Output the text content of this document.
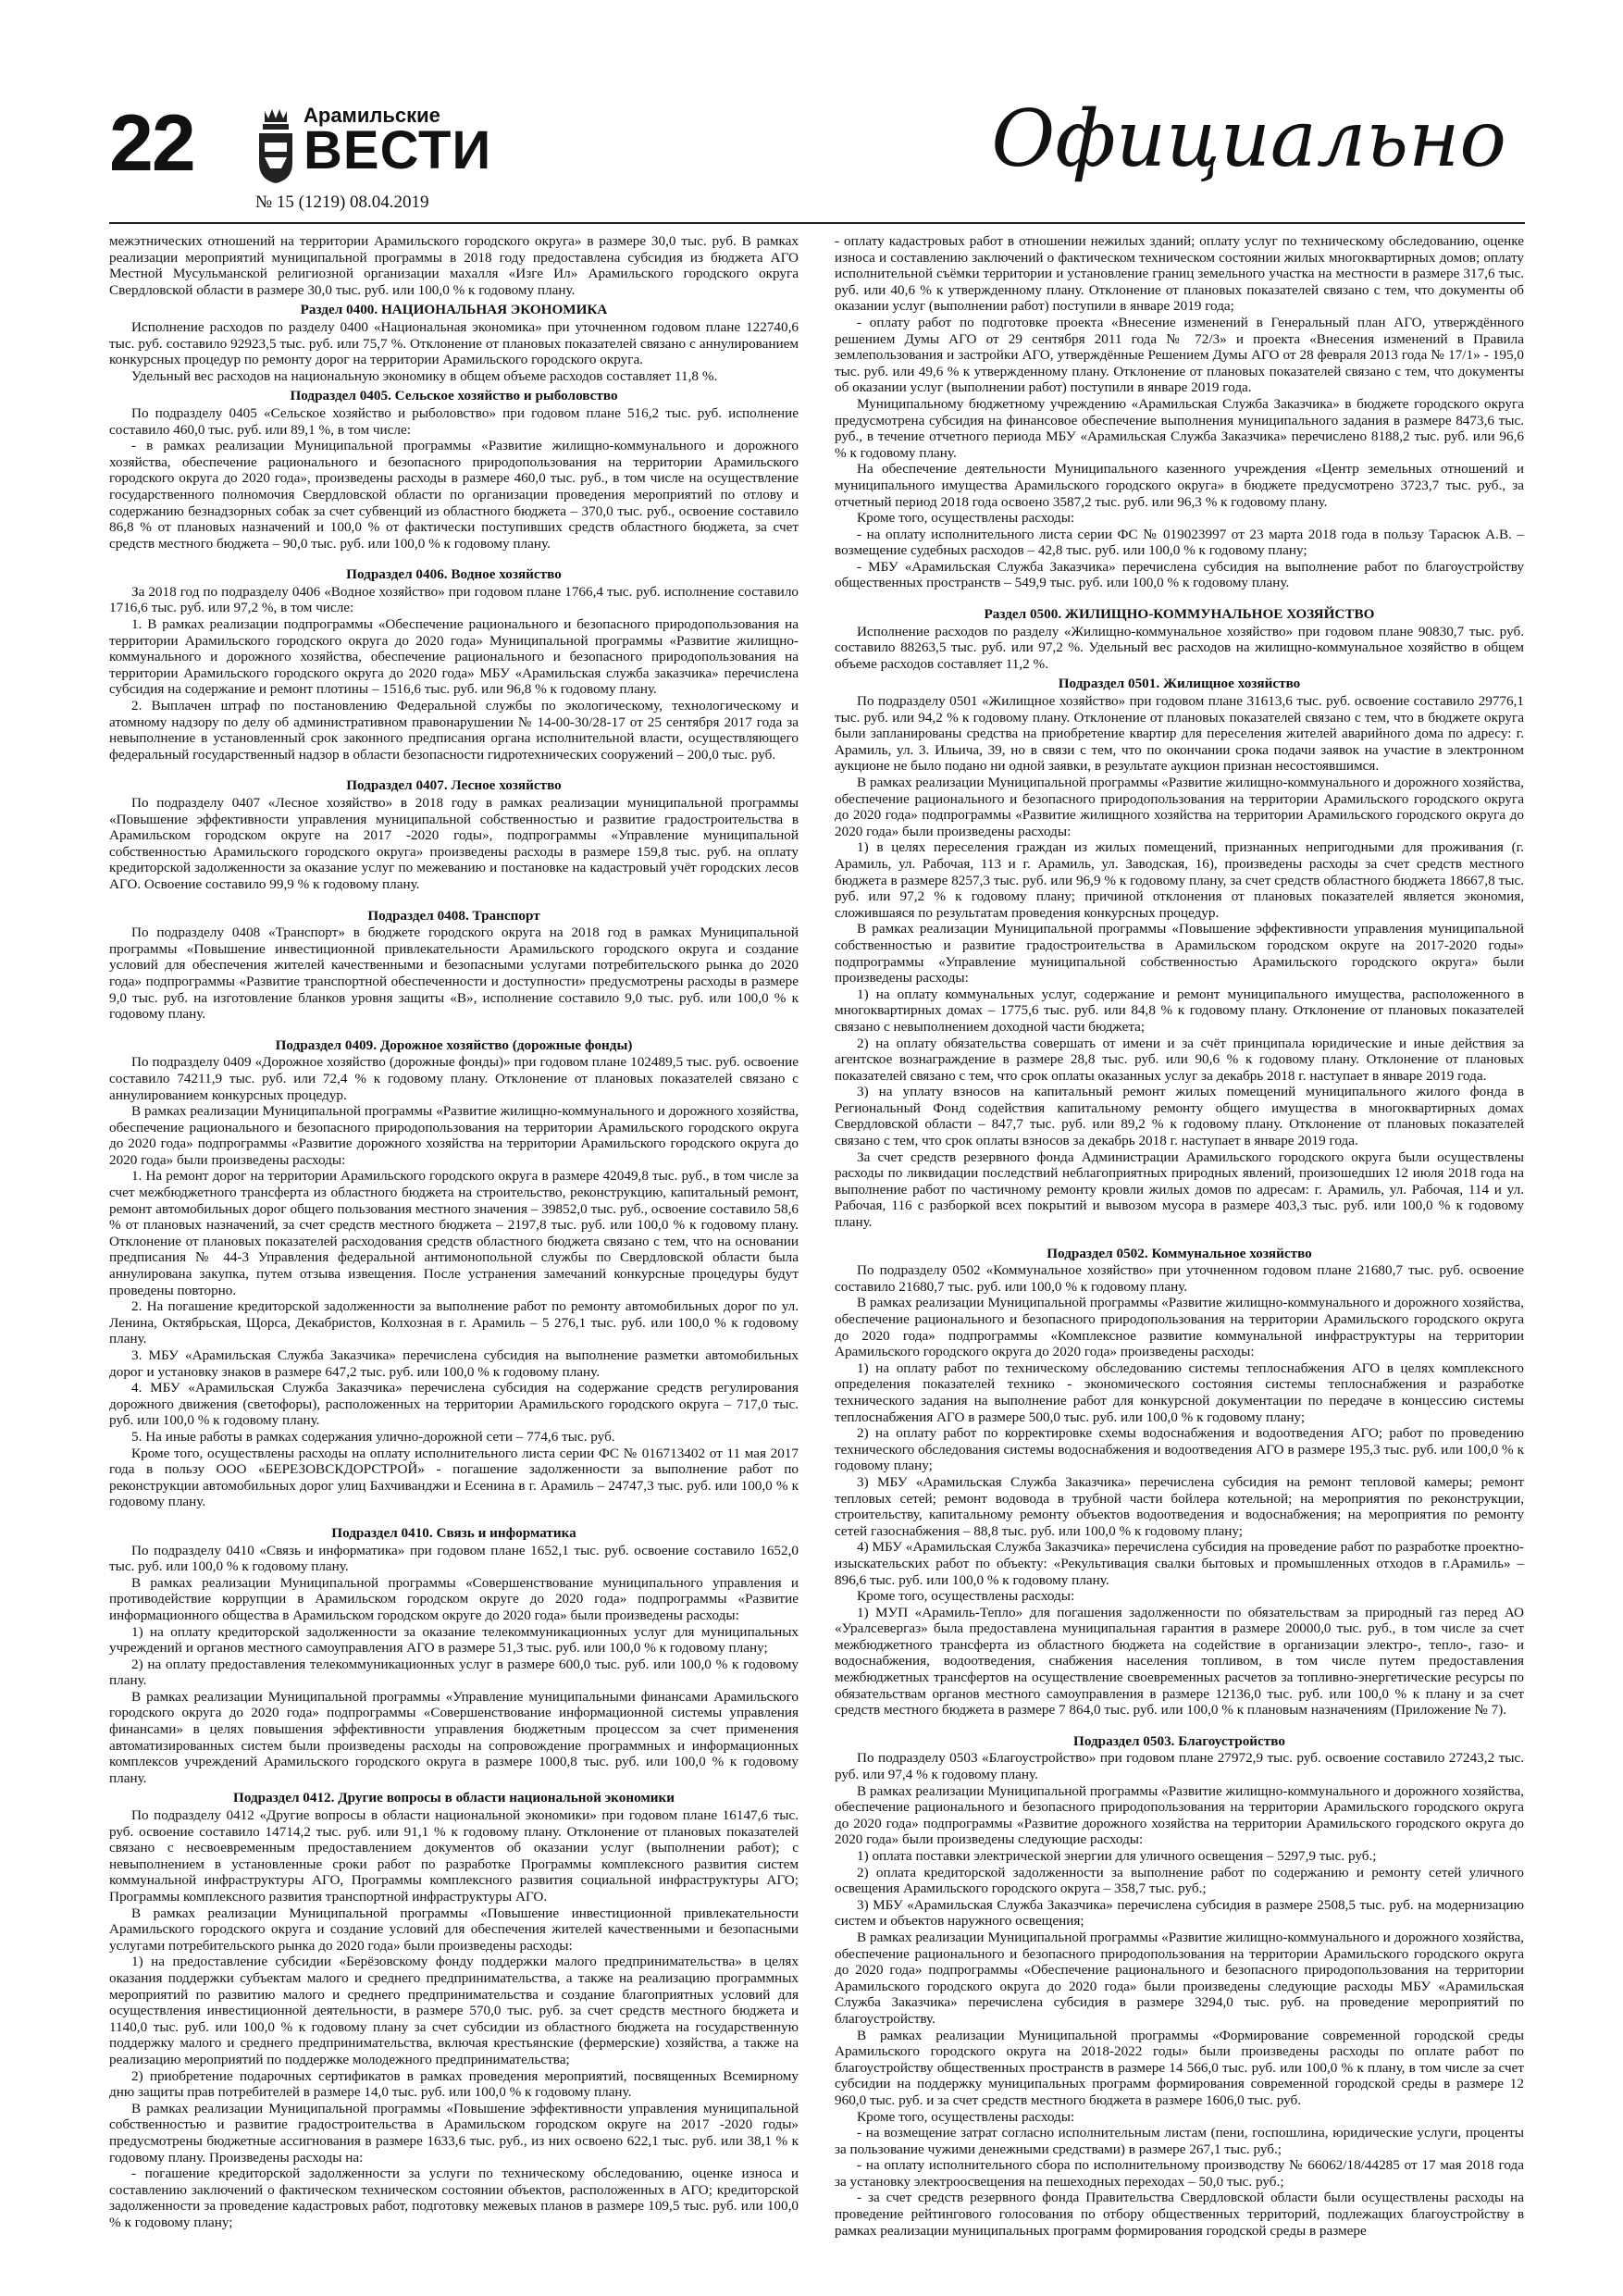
22	Арамильские
ВЕСТИ
№ 15 (1219) 08.04.2019
Официально

межэтнических отношений на территории Арамильского городского округа» в размере 30,0 тыс. руб. В рамках реализации мероприятий муниципальной программы в 2018 году предоставлена субсидия из бюджета АГО Местной Мусульманской религиозной организации махалля «Изге Ил» Арамильского городского округа Свердловской области в размере 30,0 тыс. руб. или 100,0 % к годовому плану.

Раздел 0400. НАЦИОНАЛЬНАЯ ЭКОНОМИКА

Исполнение расходов по разделу 0400 «Национальная экономика» при уточненном годовом плане 122740,6 тыс. руб. составило 92923,5 тыс. руб. или 75,7 %. Отклонение от плановых показателей связано с аннулированием конкурсных процедур по ремонту дорог на территории Арамильского городского округа.

Удельный вес расходов на национальную экономику в общем объеме расходов составляет 11,8 %.

Подраздел 0405. Сельское хозяйство и рыболовство

По подразделу 0405 «Сельское хозяйство и рыболовство» при годовом плане 516,2 тыс. руб. исполнение составило 460,0 тыс. руб. или 89,1 %, в том числе:

- в рамках реализации Муниципальной программы «Развитие жилищно-коммунального и дорожного хозяйства, обеспечение рационального и безопасного природопользования на территории Арамильского городского округа до 2020 года», произведены расходы в размере 460,0 тыс. руб., в том числе на осуществление государственного полномочия Свердловской области по организации проведения мероприятий по отлову и содержанию безнадзорных собак за счет субвенций из областного бюджета – 370,0 тыс. руб., освоение составило 86,8 % от плановых назначений и 100,0 % от фактически поступивших средств областного бюджета, за счет средств местного бюджета – 90,0 тыс. руб. или 100,0 % к годовому плану.

Подраздел 0406. Водное хозяйство

За 2018 год по подразделу 0406 «Водное хозяйство» при годовом плане 1766,4 тыс. руб. исполнение составило 1716,6 тыс. руб. или 97,2 %, в том числе:

1. В рамках реализации подпрограммы «Обеспечение рационального и безопасного природопользования на территории Арамильского городского округа до 2020 года» Муниципальной программы «Развитие жилищно-коммунального и дорожного хозяйства, обеспечение рационального и безопасного природопользования на территории Арамильского городского округа до 2020 года» МБУ «Арамильская служба заказчика» перечислена субсидия на содержание и ремонт плотины – 1516,6 тыс. руб. или 96,8 % к годовому плану.

2. Выплачен штраф по постановлению Федеральной службы по экологическому, технологическому и атомному надзору по делу об административном правонарушении № 14-00-30/28-17 от 25 сентября 2017 года за невыполнение в установленный срок законного предписания органа исполнительной власти, осуществляющего федеральный государственный надзор в области безопасности гидротехнических сооружений – 200,0 тыс. руб.

Подраздел 0407. Лесное хозяйство

По подразделу 0407 «Лесное хозяйство» в 2018 году в рамках реализации муниципальной программы «Повышение эффективности управления муниципальной собственностью и развитие градостроительства в Арамильском городском округе на 2017 -2020 годы», подпрограммы «Управление муниципальной собственностью Арамильского городского округа» произведены расходы в размере 159,8 тыс. руб. на оплату кредиторской задолженности за оказание услуг по межеванию и постановке на кадастровый учёт городских лесов АГО. Освоение составило 99,9 % к годовому плану.

Подраздел 0408. Транспорт

По подразделу 0408 «Транспорт» в бюджете городского округа на 2018 год в рамках Муниципальной программы «Повышение инвестиционной привлекательности Арамильского городского округа и создание условий для обеспечения жителей качественными и безопасными услугами потребительского рынка до 2020 года» подпрограммы «Развитие транспортной обеспеченности и доступности» предусмотрены расходы в размере 9,0 тыс. руб. на изготовление бланков уровня защиты «В», исполнение составило 9,0 тыс. руб. или 100,0 % к годовому плану.

Подраздел 0409. Дорожное хозяйство (дорожные фонды)

По подразделу 0409 «Дорожное хозяйство (дорожные фонды)» при годовом плане 102489,5 тыс. руб. освоение составило 74211,9 тыс. руб. или 72,4 % к годовому плану. Отклонение от плановых показателей связано с аннулированием конкурсных процедур.

В рамках реализации Муниципальной программы «Развитие жилищно-коммунального и дорожного хозяйства, обеспечение рационального и безопасного природопользования на территории Арамильского городского округа до 2020 года» подпрограммы «Развитие дорожного хозяйства на территории Арамильского городского округа до 2020 года» были произведены расходы:

1. На ремонт дорог на территории Арамильского городского округа в размере 42049,8 тыс. руб., в том числе за счет межбюджетного трансферта из областного бюджета на строительство, реконструкцию, капитальный ремонт, ремонт автомобильных дорог общего пользования местного значения – 39852,0 тыс. руб., освоение составило 58,6 % от плановых назначений, за счет средств местного бюджета – 2197,8 тыс. руб. или 100,0 % к годовому плану. Отклонение от плановых показателей расходования средств областного бюджета связано с тем, что на основании предписания № 44-3 Управления федеральной антимонопольной службы по Свердловской области была аннулирована закупка, путем отзыва извещения. После устранения замечаний конкурсные процедуры будут проведены повторно.

2. На погашение кредиторской задолженности за выполнение работ по ремонту автомобильных дорог по ул. Ленина, Октябрьская, Щорса, Декабристов, Колхозная в г. Арамиль – 5 276,1 тыс. руб. или 100,0 % к годовому плану.

3. МБУ «Арамильская Служба Заказчика» перечислена субсидия на выполнение разметки автомобильных дорог и установку знаков в размере 647,2 тыс. руб. или 100,0 % к годовому плану.

4. МБУ «Арамильская Служба Заказчика» перечислена субсидия на содержание средств регулирования дорожного движения (светофоры), расположенных на территории Арамильского городского округа – 717,0 тыс. руб. или 100,0 % к годовому плану.

5. На иные работы в рамках содержания улично-дорожной сети – 774,6 тыс. руб.

Кроме того, осуществлены расходы на оплату исполнительного листа серии ФС № 016713402 от 11 мая 2017 года в пользу ООО «БЕРЕЗОВСКДОРСТРОЙ» - погашение задолженности за выполнение работ по реконструкции автомобильных дорог улиц Бахчиванджи и Есенина в г. Арамиль – 24747,3 тыс. руб. или 100,0 % к годовому плану.

Подраздел 0410. Связь и информатика

По подразделу 0410 «Связь и информатика» при годовом плане 1652,1 тыс. руб. освоение составило 1652,0 тыс. руб. или 100,0 % к годовому плану.

В рамках реализации Муниципальной программы «Совершенствование муниципального управления и противодействие коррупции в Арамильском городском округе до 2020 года» подпрограммы «Развитие информационного общества в Арамильском городском округе до 2020 года» были произведены расходы:

1) на оплату кредиторской задолженности за оказание телекоммуникационных услуг для муниципальных учреждений и органов местного самоуправления АГО в размере 51,3 тыс. руб. или 100,0 % к годовому плану;

2) на оплату предоставления телекоммуникационных услуг в размере 600,0 тыс. руб. или 100,0 % к годовому плану.

В рамках реализации Муниципальной программы «Управление муниципальными финансами Арамильского городского округа до 2020 года» подпрограммы «Совершенствование информационной системы управления финансами» в целях повышения эффективности управления бюджетным процессом за счет применения автоматизированных систем были произведены расходы на сопровождение программных и информационных комплексов учреждений Арамильского городского округа в размере 1000,8 тыс. руб. или 100,0 % к годовому плану.

Подраздел 0412. Другие вопросы в области национальной экономики

По подразделу 0412 «Другие вопросы в области национальной экономики» при годовом плане 16147,6 тыс. руб. освоение составило 14714,2 тыс. руб. или 91,1 % к годовому плану. Отклонение от плановых показателей связано с несвоевременным предоставлением документов об оказании услуг (выполнении работ); с невыполнением в установленные сроки работ по разработке Программы комплексного развития систем коммунальной инфраструктуры АГО, Программы комплексного развития социальной инфраструктуры АГО; Программы комплексного развития транспортной инфраструктуры АГО.

В рамках реализации Муниципальной программы «Повышение инвестиционной привлекательности Арамильского городского округа и создание условий для обеспечения жителей качественными и безопасными услугами потребительского рынка до 2020 года» были произведены расходы:

1) на предоставление субсидии «Берёзовскому фонду поддержки малого предпринимательства» в целях оказания поддержки субъектам малого и среднего предпринимательства, а также на реализацию программных мероприятий по развитию малого и среднего предпринимательства и создание благоприятных условий для осуществления инвестиционной деятельности, в размере 570,0 тыс. руб. за счет средств местного бюджета и 1140,0 тыс. руб. или 100,0 % к годовому плану за счет субсидии из областного бюджета на государственную поддержку малого и среднего предпринимательства, включая крестьянские (фермерские) хозяйства, а также на реализацию мероприятий по поддержке молодежного предпринимательства;

2) приобретение подарочных сертификатов в рамках проведения мероприятий, посвященных Всемирному дню защиты прав потребителей в размере 14,0 тыс. руб. или 100,0 % к годовому плану.

В рамках реализации Муниципальной программы «Повышение эффективности управления муниципальной собственностью и развитие градостроительства в Арамильском городском округе на 2017 -2020 годы» предусмотрены бюджетные ассигнования в размере 1633,6 тыс. руб., из них освоено 622,1 тыс. руб. или 38,1 % к годовому плану. Произведены расходы на:

- погашение кредиторской задолженности за услуги по техническому обследованию, оценке износа и составлению заключений о фактическом техническом состоянии объектов, расположенных в АГО; кредиторской задолженности за проведение кадастровых работ, подготовку межевых планов в размере 109,5 тыс. руб. или 100,0 % к годовому плану;

- оплату кадастровых работ в отношении нежилых зданий; оплату услуг по техническому обследованию, оценке износа и составлению заключений о фактическом техническом состоянии жилых многоквартирных домов; оплату исполнительной съёмки территории и установление границ земельного участка на местности в размере 317,6 тыс. руб. или 40,6 % к утвержденному плану. Отклонение от плановых показателей связано с тем, что документы об оказании услуг (выполнении работ) поступили в январе 2019 года;

- оплату работ по подготовке проекта «Внесение изменений в Генеральный план АГО, утверждённого решением Думы АГО от 29 сентября 2011 года № 72/3» и проекта «Внесения изменений в Правила землепользования и застройки АГО, утверждённые Решением Думы АГО от 28 февраля 2013 года № 17/1» - 195,0 тыс. руб. или 49,6 % к утвержденному плану. Отклонение от плановых показателей связано с тем, что документы об оказании услуг (выполнении работ) поступили в январе 2019 года.

Муниципальному бюджетному учреждению «Арамильская Служба Заказчика» в бюджете городского округа предусмотрена субсидия на финансовое обеспечение выполнения муниципального задания в размере 8473,6 тыс. руб., в течение отчетного периода МБУ «Арамильская Служба Заказчика» перечислено 8188,2 тыс. руб. или 96,6 % к годовому плану.

На обеспечение деятельности Муниципального казенного учреждения «Центр земельных отношений и муниципального имущества Арамильского городского округа» в бюджете предусмотрено 3723,7 тыс. руб., за отчетный период 2018 года освоено 3587,2 тыс. руб. или 96,3 % к годовому плану.

Кроме того, осуществлены расходы:

- на оплату исполнительного листа серии ФС № 019023997 от 23 марта 2018 года в пользу Тарасюк А.В. – возмещение судебных расходов – 42,8 тыс. руб. или 100,0 % к годовому плану;

- МБУ «Арамильская Служба Заказчика» перечислена субсидия на выполнение работ по благоустройству общественных пространств – 549,9 тыс. руб. или 100,0 % к годовому плану.

Раздел 0500. ЖИЛИЩНО-КОММУНАЛЬНОЕ ХОЗЯЙСТВО

Исполнение расходов по разделу «Жилищно-коммунальное хозяйство» при годовом плане 90830,7 тыс. руб. составило 88263,5 тыс. руб. или 97,2 %. Удельный вес расходов на жилищно-коммунальное хозяйство в общем объеме расходов составляет 11,2 %.

Подраздел 0501. Жилищное хозяйство

По подразделу 0501 «Жилищное хозяйство» при годовом плане 31613,6 тыс. руб. освоение составило 29776,1 тыс. руб. или 94,2 % к годовому плану. Отклонение от плановых показателей связано с тем, что в бюджете округа были запланированы средства на приобретение квартир для переселения жителей аварийного дома по адресу: г. Арамиль, ул. 3. Ильича, 39, но в связи с тем, что по окончании срока подачи заявок на участие в электронном аукционе не было подано ни одной заявки, в результате аукцион признан несостоявшимся.

В рамках реализации Муниципальной программы «Развитие жилищно-коммунального и дорожного хозяйства, обеспечение рационального и безопасного природопользования на территории Арамильского городского округа до 2020 года» подпрограммы «Развитие жилищного хозяйства на территории Арамильского городского округа до 2020 года» были произведены расходы:

1) в целях переселения граждан из жилых помещений, признанных непригодными для проживания (г. Арамиль, ул. Рабочая, 113 и г. Арамиль, ул. Заводская, 16), произведены расходы за счет средств местного бюджета в размере 8257,3 тыс. руб. или 96,9 % к годовому плану, за счет средств областного бюджета 18667,8 тыс. руб. или 97,2 % к годовому плану; причиной отклонения от плановых показателей является экономия, сложившаяся по результатам проведения конкурсных процедур.

В рамках реализации Муниципальной программы «Повышение эффективности управления муниципальной собственностью и развитие градостроительства в Арамильском городском округе на 2017-2020 годы» подпрограммы «Управление муниципальной собственностью Арамильского городского округа» были произведены расходы:

1) на оплату коммунальных услуг, содержание и ремонт муниципального имущества, расположенного в многоквартирных домах – 1775,6 тыс. руб. или 84,8 % к годовому плану. Отклонение от плановых показателей связано с невыполнением доходной части бюджета;

2) на оплату обязательства совершать от имени и за счёт принципала юридические и иные действия за агентское вознаграждение в размере 28,8 тыс. руб. или 90,6 % к годовому плану. Отклонение от плановых показателей связано с тем, что срок оплаты оказанных услуг за декабрь 2018 г. наступает в январе 2019 года.

3) на уплату взносов на капитальный ремонт жилых помещений муниципального жилого фонда в Региональный Фонд содействия капитальному ремонту общего имущества в многоквартирных домах Свердловской области – 847,7 тыс. руб. или 89,2 % к годовому плану. Отклонение от плановых показателей связано с тем, что срок оплаты взносов за декабрь 2018 г. наступает в январе 2019 года.

За счет средств резервного фонда Администрации Арамильского городского округа были осуществлены расходы по ликвидации последствий неблагоприятных природных явлений, произошедших 12 июля 2018 года на выполнение работ по частичному ремонту кровли жилых домов по адресам: г. Арамиль, ул. Рабочая, 114 и ул. Рабочая, 116 с разборкой всех покрытий и вывозом мусора в размере 403,3 тыс. руб. или 100,0 % к годовому плану.

Подраздел 0502. Коммунальное хозяйство

По подразделу 0502 «Коммунальное хозяйство» при уточненном годовом плане 21680,7 тыс. руб. освоение составило 21680,7 тыс. руб. или 100,0 % к годовому плану.

В рамках реализации Муниципальной программы «Развитие жилищно-коммунального и дорожного хозяйства, обеспечение рационального и безопасного природопользования на территории Арамильского городского округа до 2020 года» подпрограммы «Комплексное развитие коммунальной инфраструктуры на территории Арамильского городского округа до 2020 года» произведены расходы:

1) на оплату работ по техническому обследованию системы теплоснабжения АГО в целях комплексного определения показателей технико - экономического состояния системы теплоснабжения и разработке технического задания на выполнение работ для конкурсной документации по передаче в концессию системы теплоснабжения АГО в размере 500,0 тыс. руб. или 100,0 % к годовому плану;

2) на оплату работ по корректировке схемы водоснабжения и водоотведения АГО; работ по проведению технического обследования системы водоснабжения и водоотведения АГО в размере 195,3 тыс. руб. или 100,0 % к годовому плану;

3) МБУ «Арамильская Служба Заказчика» перечислена субсидия на ремонт тепловой камеры; ремонт тепловых сетей; ремонт водовода в трубной части бойлера котельной; на мероприятия по реконструкции, строительству, капитальному ремонту объектов водоотведения и водоснабжения; на мероприятия по ремонту сетей газоснабжения – 88,8 тыс. руб. или 100,0 % к годовому плану;

4) МБУ «Арамильская Служба Заказчика» перечислена субсидия на проведение работ по разработке проектно-изыскательских работ по объекту: «Рекультивация свалки бытовых и промышленных отходов в г.Арамиль» – 896,6 тыс. руб. или 100,0 % к годовому плану.

Кроме того, осуществлены расходы:

1) МУП «Арамиль-Тепло» для погашения задолженности по обязательствам за природный газ перед АО «Уралсевергаз» была предоставлена муниципальная гарантия в размере 20000,0 тыс. руб., в том числе за счет межбюджетного трансферта из областного бюджета на содействие в организации электро-, тепло-, газо- и водоснабжения, водоотведения, снабжения населения топливом, в том числе путем предоставления межбюджетных трансфертов на осуществление своевременных расчетов за топливно-энергетические ресурсы по обязательствам органов местного самоуправления в размере 12136,0 тыс. руб. или 100,0 % к плану и за счет средств местного бюджета в размере 7 864,0 тыс. руб. или 100,0 % к плановым назначениям (Приложение № 7).

Подраздел 0503. Благоустройство

По подразделу 0503 «Благоустройство» при годовом плане 27972,9 тыс. руб. освоение составило 27243,2 тыс. руб. или 97,4 % к годовому плану.

В рамках реализации Муниципальной программы «Развитие жилищно-коммунального и дорожного хозяйства, обеспечение рационального и безопасного природопользования на территории Арамильского городского округа до 2020 года» подпрограммы «Развитие дорожного хозяйства на территории Арамильского городского округа до 2020 года» были произведены следующие расходы:

1) оплата поставки электрической энергии для уличного освещения – 5297,9 тыс. руб.;

2) оплата кредиторской задолженности за выполнение работ по содержанию и ремонту сетей уличного освещения Арамильского городского округа – 358,7 тыс. руб.;

3) МБУ «Арамильская Служба Заказчика» перечислена субсидия в размере 2508,5 тыс. руб. на модернизацию систем и объектов наружного освещения;

В рамках реализации Муниципальной программы «Развитие жилищно-коммунального и дорожного хозяйства, обеспечение рационального и безопасного природопользования на территории Арамильского городского округа до 2020 года» подпрограммы «Обеспечение рационального и безопасного природопользования на территории Арамильского городского округа до 2020 года» были произведены следующие расходы МБУ «Арамильская Служба Заказчика» перечислена субсидия в размере 3294,0 тыс. руб. на проведение мероприятий по благоустройству.

В рамках реализации Муниципальной программы «Формирование современной городской среды Арамильского городского округа на 2018-2022 годы» были произведены расходы по оплате работ по благоустройству общественных пространств в размере 14 566,0 тыс. руб. или 100,0 % к плану, в том числе за счет субсидии на поддержку муниципальных программ формирования современной городской среды в размере 12 960,0 тыс. руб. и за счет средств местного бюджета в размере 1606,0 тыс. руб.

Кроме того, осуществлены расходы:

- на возмещение затрат согласно исполнительным листам (пени, госпошлина, юридические услуги, проценты за пользование чужими денежными средствами) в размере 267,1 тыс. руб.;

- на оплату исполнительного сбора по исполнительному производству № 66062/18/44285 от 17 мая 2018 года за установку электроосвещения на пешеходных переходах – 50,0 тыс. руб.;

- за счет средств резервного фонда Правительства Свердловской области были осуществлены расходы на проведение рейтингового голосования по отбору общественных территорий, подлежащих благоустройству в рамках реализации муниципальных программ формирования городской среды в размере
